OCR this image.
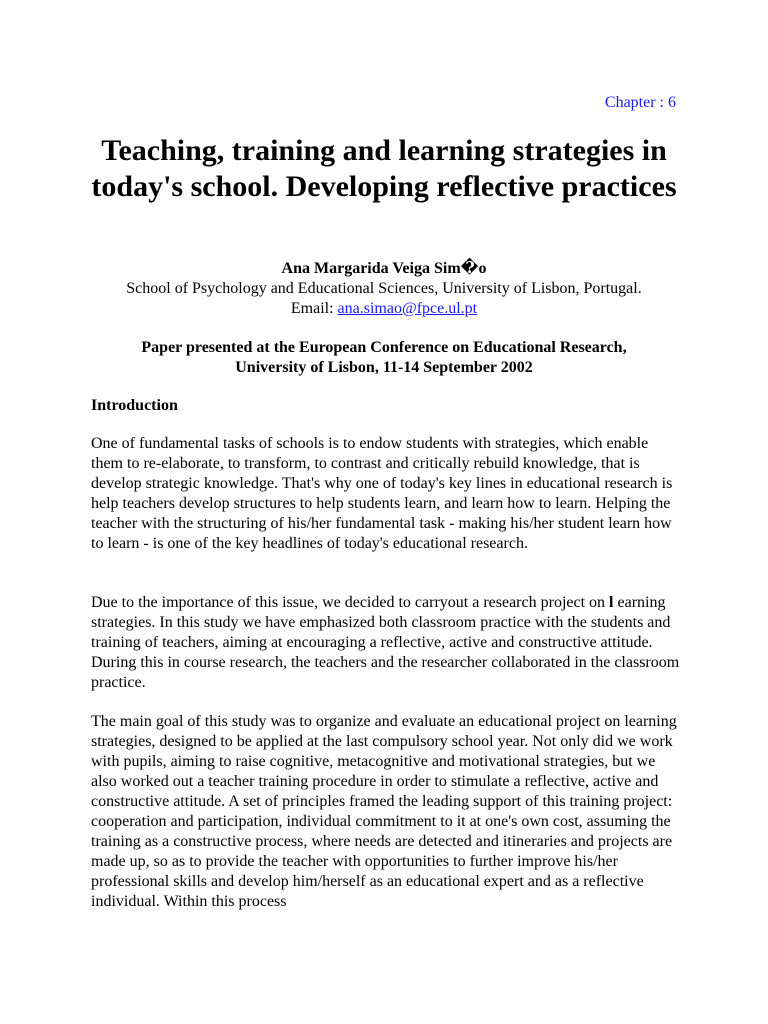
Chapter : 6

Teaching, training and learning strategies in today's school. Developing reflective practices
Ana Margarida Veiga Sim�o
School of Psychology and Educational Sciences, University of Lisbon, Portugal.
Email: ana.simao@fpce.ul.pt

Paper presented at the European Conference on Educational Research,
University of Lisbon, 11-14 September 2002

Introduction

One of fundamental tasks of schools is to endow students with strategies, which enable them to re-elaborate, to transform, to contrast and critically rebuild knowledge, that is develop strategic knowledge. That's why one of today's key lines in educational research is help teachers develop structures to help students learn, and learn how to learn. Helping the teacher with the structuring of his/her fundamental task - making his/her student learn how to learn - is one of the key headlines of today's educational research.

Due to the importance of this issue, we decided to carryout a research project on l earning strategies. In this study we have emphasized both classroom practice with the students and training of teachers, aiming at encouraging a reflective, active and constructive attitude. During this in course research, the teachers and the researcher collaborated in the classroom practice.

The main goal of this study was to organize and evaluate an educational project on learning strategies, designed to be applied at the last compulsory school year. Not only did we work with pupils, aiming to raise cognitive, metacognitive and motivational strategies, but we also worked out a teacher training procedure in order to stimulate a reflective, active and constructive attitude. A set of principles framed the leading support of this training project: cooperation and participation, individual commitment to it at one's own cost, assuming the training as a constructive process, where needs are detected and itineraries and projects are made up, so as to provide the teacher with opportunities to further improve his/her professional skills and develop him/herself as an educational expert and as a reflective individual. Within this process
